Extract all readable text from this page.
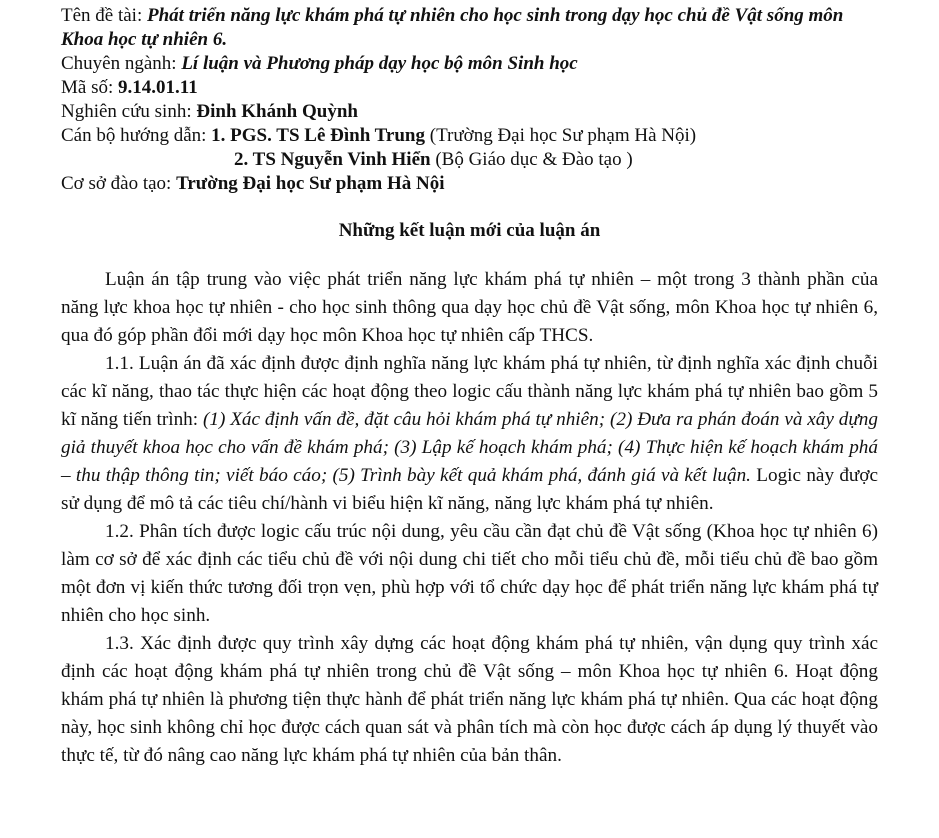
Tên đề tài: Phát triển năng lực khám phá tự nhiên cho học sinh trong dạy học chủ đề Vật sống môn Khoa học tự nhiên 6.
Chuyên ngành: Lí luận và Phương pháp dạy học bộ môn Sinh học
Mã số: 9.14.01.11
Nghiên cứu sinh: Đinh Khánh Quỳnh
Cán bộ hướng dẫn: 1. PGS. TS Lê Đình Trung (Trường Đại học Sư phạm Hà Nội)
2. TS Nguyễn Vinh Hiển (Bộ Giáo dục & Đào tạo )
Cơ sở đào tạo: Trường Đại học Sư phạm Hà Nội
Những kết luận mới của luận án

Luận án tập trung vào việc phát triển năng lực khám phá tự nhiên – một trong 3 thành phần của năng lực khoa học tự nhiên - cho học sinh thông qua dạy học chủ đề Vật sống, môn Khoa học tự nhiên 6, qua đó góp phần đổi mới dạy học môn Khoa học tự nhiên cấp THCS.

1.1. Luận án đã xác định được định nghĩa năng lực khám phá tự nhiên, từ định nghĩa xác định chuỗi các kĩ năng, thao tác thực hiện các hoạt động theo logic cấu thành năng lực khám phá tự nhiên bao gồm 5 kĩ năng tiến trình: (1) Xác định vấn đề, đặt câu hỏi khám phá tự nhiên; (2) Đưa ra phán đoán và xây dựng giả thuyết khoa học cho vấn đề khám phá; (3) Lập kế hoạch khám phá; (4) Thực hiện kế hoạch khám phá – thu thập thông tin; viết báo cáo; (5) Trình bày kết quả khám phá, đánh giá và kết luận. Logic này được sử dụng để mô tả các tiêu chí/hành vi biểu hiện kĩ năng, năng lực khám phá tự nhiên.

1.2. Phân tích được logic cấu trúc nội dung, yêu cầu cần đạt chủ đề Vật sống (Khoa học tự nhiên 6) làm cơ sở để xác định các tiểu chủ đề với nội dung chi tiết cho mỗi tiểu chủ đề, mỗi tiểu chủ đề bao gồm một đơn vị kiến thức tương đối trọn vẹn, phù hợp với tổ chức dạy học để phát triển năng lực khám phá tự nhiên cho học sinh.

1.3. Xác định được quy trình xây dựng các hoạt động khám phá tự nhiên, vận dụng quy trình xác định các hoạt động khám phá tự nhiên trong chủ đề Vật sống – môn Khoa học tự nhiên 6. Hoạt động khám phá tự nhiên là phương tiện thực hành để phát triển năng lực khám phá tự nhiên. Qua các hoạt động này, học sinh không chỉ học được cách quan sát và phân tích mà còn học được cách áp dụng lý thuyết vào thực tế, từ đó nâng cao năng lực khám phá tự nhiên của bản thân.
